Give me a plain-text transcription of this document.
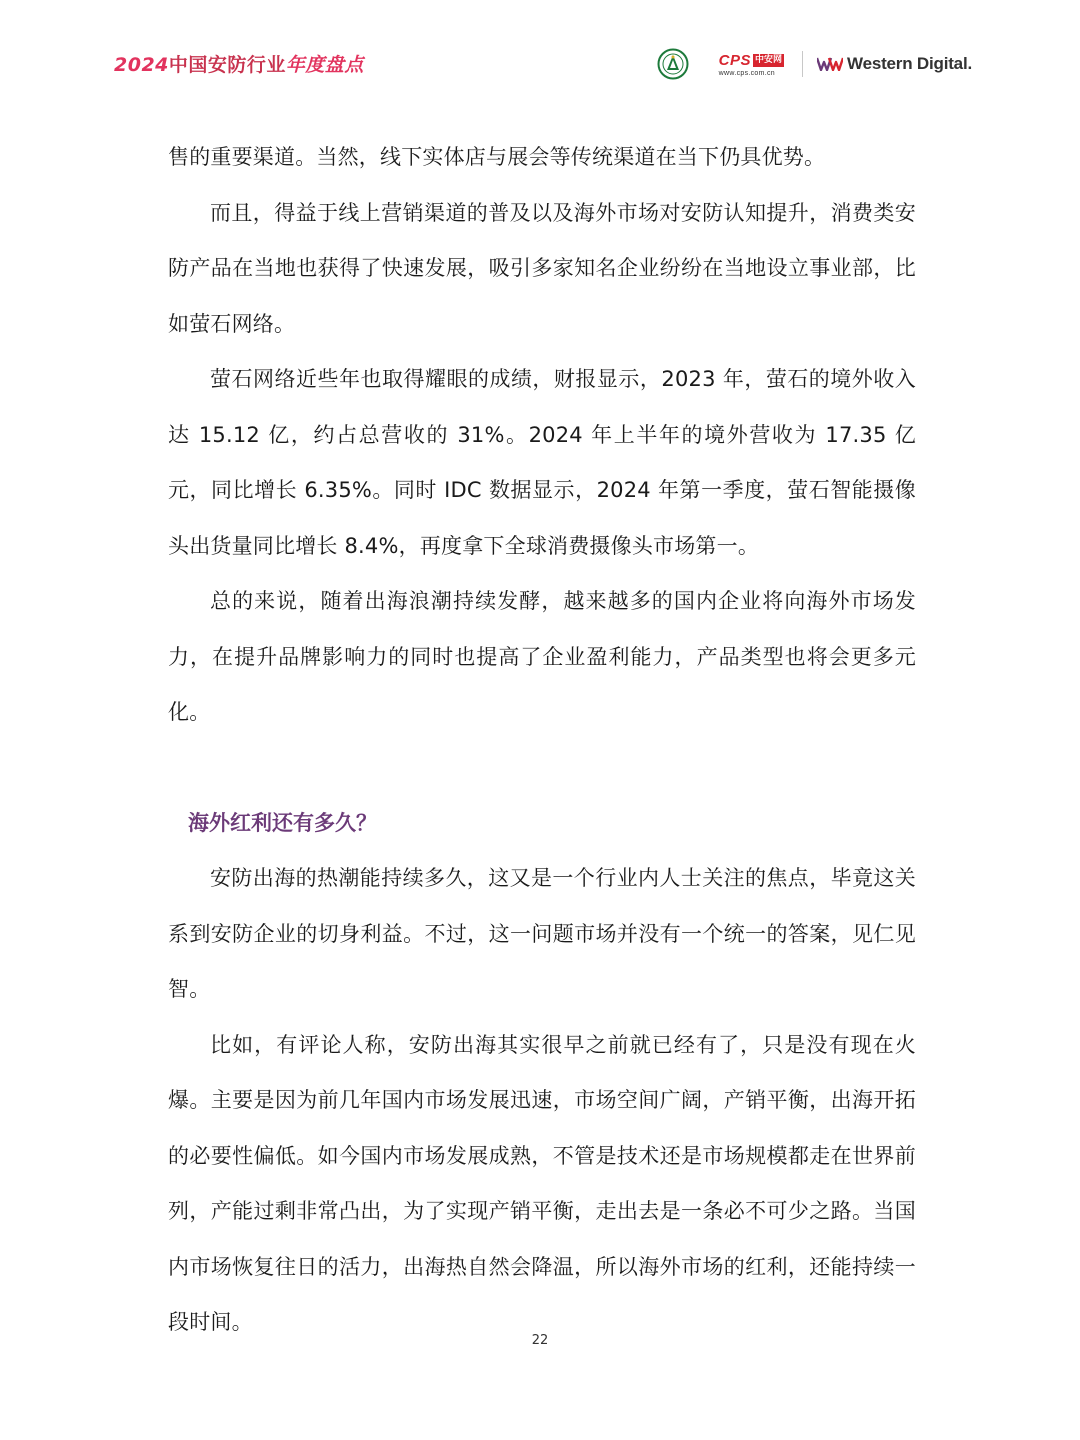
2024中国安防行业年度盘点	CPS 中安网
www.cps.com.cn	Western Digital.

售的重要渠道。当然，线下实体店与展会等传统渠道在当下仍具优势。

而且，得益于线上营销渠道的普及以及海外市场对安防认知提升，消费类安防产品在当地也获得了快速发展，吸引多家知名企业纷纷在当地设立事业部，比如萤石网络。

萤石网络近些年也取得耀眼的成绩，财报显示，2023 年，萤石的境外收入达 15.12 亿，约占总营收的 31%。2024 年上半年的境外营收为 17.35 亿元，同比增长 6.35%。同时 IDC 数据显示，2024 年第一季度，萤石智能摄像头出货量同比增长 8.4%，再度拿下全球消费摄像头市场第一。

总的来说，随着出海浪潮持续发酵，越来越多的国内企业将向海外市场发力，在提升品牌影响力的同时也提高了企业盈利能力，产品类型也将会更多元化。

海外红利还有多久？

安防出海的热潮能持续多久，这又是一个行业内人士关注的焦点，毕竟这关系到安防企业的切身利益。不过，这一问题市场并没有一个统一的答案，见仁见智。

比如，有评论人称，安防出海其实很早之前就已经有了，只是没有现在火爆。主要是因为前几年国内市场发展迅速，市场空间广阔，产销平衡，出海开拓的必要性偏低。如今国内市场发展成熟，不管是技术还是市场规模都走在世界前列，产能过剩非常凸出，为了实现产销平衡，走出去是一条必不可少之路。当国内市场恢复往日的活力，出海热自然会降温，所以海外市场的红利，还能持续一段时间。

22
